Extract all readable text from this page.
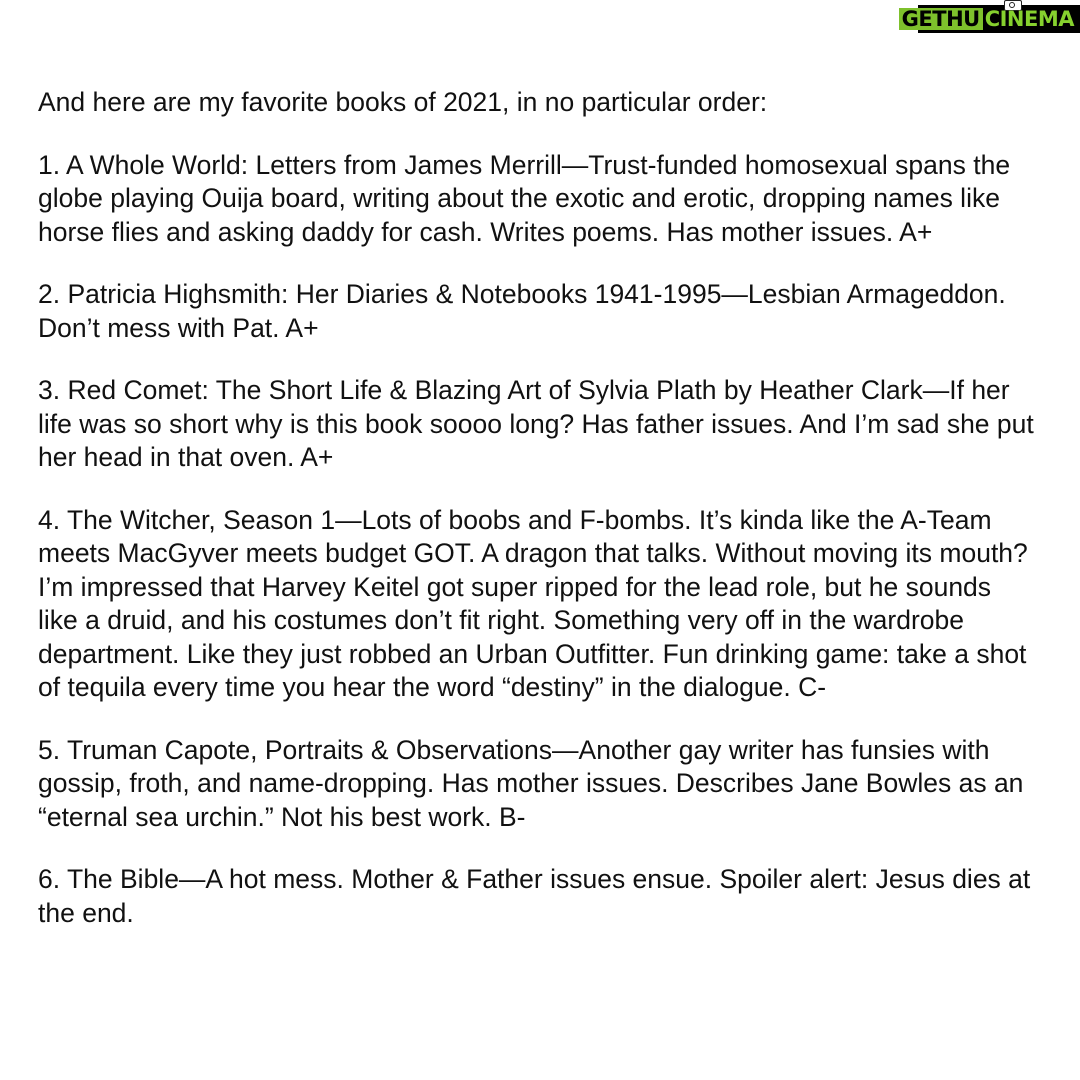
GETHU CINEMA

And here are my favorite books of 2021, in no particular order:

1. A Whole World: Letters from James Merrill—Trust-funded homosexual spans the globe playing Ouija board, writing about the exotic and erotic, dropping names like horse flies and asking daddy for cash. Writes poems. Has mother issues. A+

2. Patricia Highsmith: Her Diaries & Notebooks 1941-1995—Lesbian Armageddon. Don’t mess with Pat. A+

3. Red Comet: The Short Life & Blazing Art of Sylvia Plath by Heather Clark—If her life was so short why is this book soooo long? Has father issues. And I’m sad she put her head in that oven. A+

4. The Witcher, Season 1—Lots of boobs and F-bombs. It’s kinda like the A-Team meets MacGyver meets budget GOT. A dragon that talks. Without moving its mouth? I’m impressed that Harvey Keitel got super ripped for the lead role, but he sounds like a druid, and his costumes don’t fit right. Something very off in the wardrobe department. Like they just robbed an Urban Outfitter. Fun drinking game: take a shot of tequila every time you hear the word “destiny” in the dialogue. C-

5. Truman Capote, Portraits & Observations—Another gay writer has funsies with gossip, froth, and name-dropping. Has mother issues. Describes Jane Bowles as an “eternal sea urchin.” Not his best work. B-

6. The Bible—A hot mess. Mother & Father issues ensue. Spoiler alert: Jesus dies at the end.
